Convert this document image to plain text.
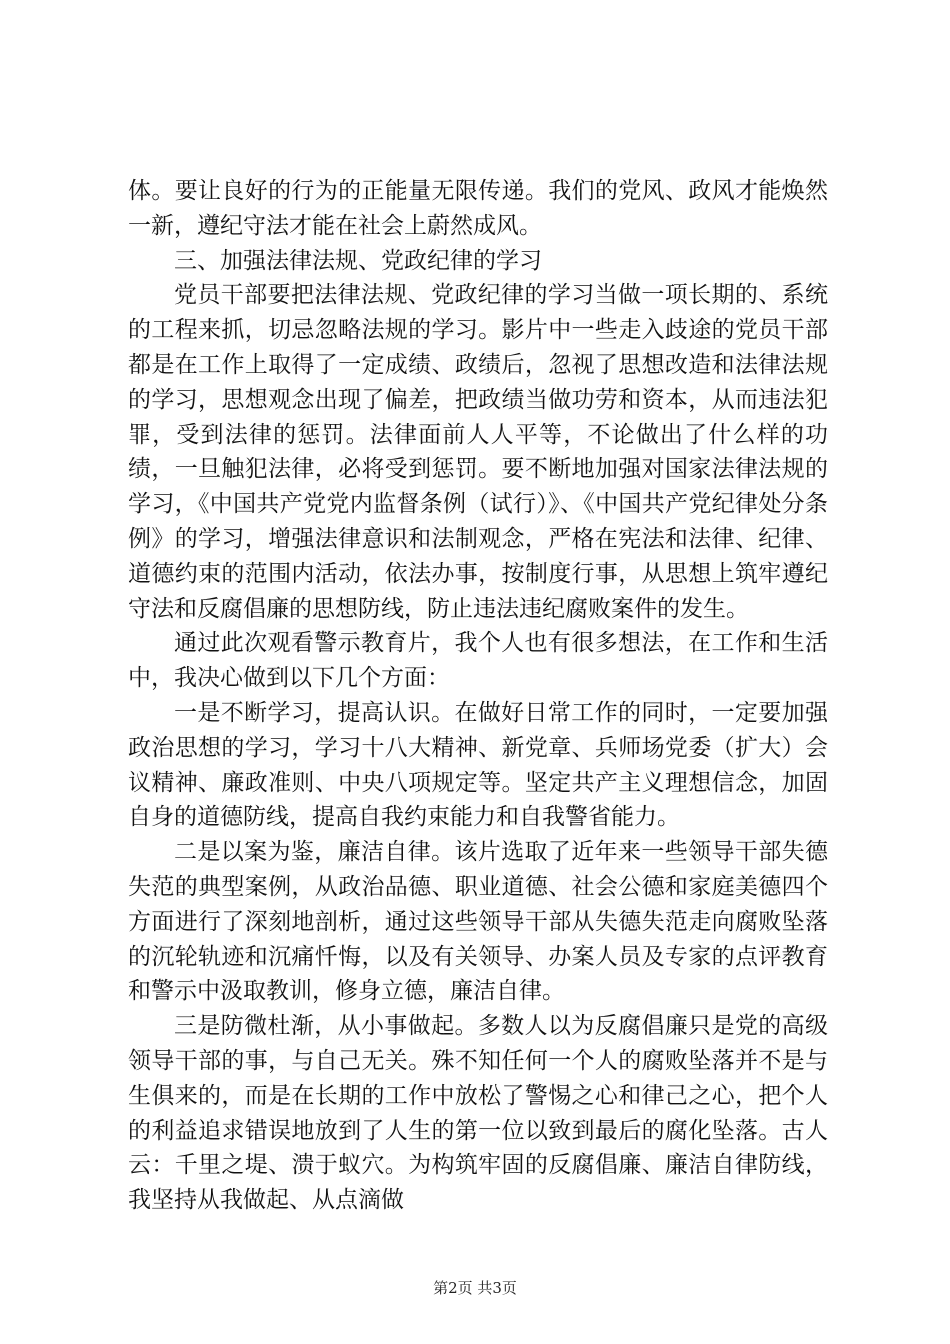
体。要让良好的行为的正能量无限传递。我们的党风、政风才能焕然一新，遵纪守法才能在社会上蔚然成风。

三、加强法律法规、党政纪律的学习

党员干部要把法律法规、党政纪律的学习当做一项长期的、系统的工程来抓，切忌忽略法规的学习。影片中一些走入歧途的党员干部都是在工作上取得了一定成绩、政绩后，忽视了思想改造和法律法规的学习，思想观念出现了偏差，把政绩当做功劳和资本，从而违法犯罪，受到法律的惩罚。法律面前人人平等，不论做出了什么样的功绩，一旦触犯法律，必将受到惩罚。要不断地加强对国家法律法规的学习，《中国共产党党内监督条例（试行）》、《中国共产党纪律处分条例》的学习，增强法律意识和法制观念，严格在宪法和法律、纪律、道德约束的范围内活动，依法办事，按制度行事，从思想上筑牢遵纪守法和反腐倡廉的思想防线，防止违法违纪腐败案件的发生。

通过此次观看警示教育片，我个人也有很多想法，在工作和生活中，我决心做到以下几个方面：

一是不断学习，提高认识。在做好日常工作的同时，一定要加强政治思想的学习，学习十八大精神、新党章、兵师场党委（扩大）会议精神、廉政准则、中央八项规定等。坚定共产主义理想信念，加固自身的道德防线，提高自我约束能力和自我警省能力。

二是以案为鉴，廉洁自律。该片选取了近年来一些领导干部失德失范的典型案例，从政治品德、职业道德、社会公德和家庭美德四个方面进行了深刻地剖析，通过这些领导干部从失德失范走向腐败坠落的沉轮轨迹和沉痛忏悔，以及有关领导、办案人员及专家的点评教育和警示中汲取教训，修身立德，廉洁自律。

三是防微杜渐，从小事做起。多数人以为反腐倡廉只是党的高级领导干部的事，与自己无关。殊不知任何一个人的腐败坠落并不是与生俱来的，而是在长期的工作中放松了警惕之心和律己之心，把个人的利益追求错误地放到了人生的第一位以致到最后的腐化坠落。古人云：千里之堤、溃于蚁穴。为构筑牢固的反腐倡廉、廉洁自律防线，我坚持从我做起、从点滴做

第2页 共3页
